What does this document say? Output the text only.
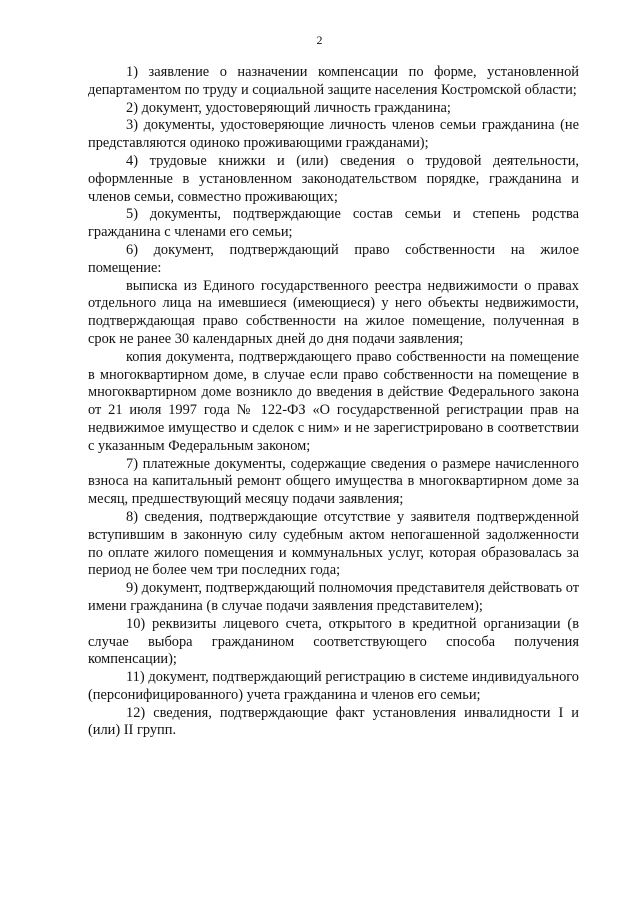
2

1) заявление о назначении компенсации по форме, установленной департаментом по труду и социальной защите населения Костромской области;

2) документ, удостоверяющий личность гражданина;

3) документы, удостоверяющие личность членов семьи гражданина (не представляются одиноко проживающими гражданами);

4) трудовые книжки и (или) сведения о трудовой деятельности, оформленные в установленном законодательством порядке, гражданина и членов семьи, совместно проживающих;

5) документы, подтверждающие состав семьи и степень родства гражданина с членами его семьи;

6) документ, подтверждающий право собственности на жилое помещение:

выписка из Единого государственного реестра недвижимости о правах отдельного лица на имевшиеся (имеющиеся) у него объекты недвижимости, подтверждающая право собственности на жилое помещение, полученная в срок не ранее 30 календарных дней до дня подачи заявления;

копия документа, подтверждающего право собственности на помещение в многоквартирном доме, в случае если право собственности на помещение в многоквартирном доме возникло до введения в действие Федерального закона от 21 июля 1997 года № 122-ФЗ «О государственной регистрации прав на недвижимое имущество и сделок с ним» и не зарегистрировано в соответствии с указанным Федеральным законом;

7) платежные документы, содержащие сведения о размере начисленного взноса на капитальный ремонт общего имущества в многоквартирном доме за месяц, предшествующий месяцу подачи заявления;

8) сведения, подтверждающие отсутствие у заявителя подтвержденной вступившим в законную силу судебным актом непогашенной задолженности по оплате жилого помещения и коммунальных услуг, которая образовалась за период не более чем три последних года;

9) документ, подтверждающий полномочия представителя действовать от имени гражданина (в случае подачи заявления представителем);

10) реквизиты лицевого счета, открытого в кредитной организации (в случае выбора гражданином соответствующего способа получения компенсации);

11) документ, подтверждающий регистрацию в системе индивидуального (персонифицированного) учета гражданина и членов его семьи;

12) сведения, подтверждающие факт установления инвалидности I и (или) II групп.
